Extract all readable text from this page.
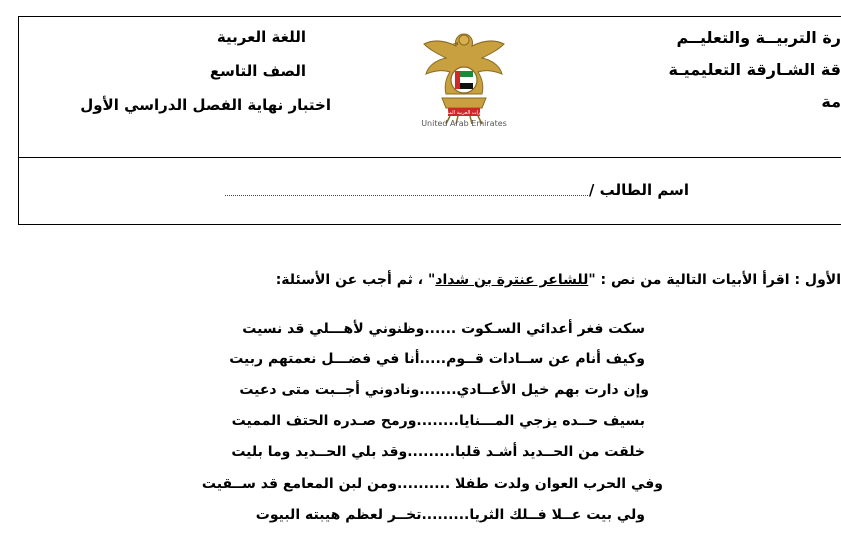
رة التربيــة والتعليــم
قة الشـارقة التعليميـة
مة
اللغة العربية
الصف التاسع
اختبار نهاية الفصل الدراسي الأول	الإمارات العربية المتحدة
United Arab Emirates
اسم الطالب /
الأول : اقرأ الأبيات التالية من نص : "للشاعر عنترة بن شداد" ، ثم أجب عن الأسئلة:
سكت فغر أعدائي السـكوت ......وظنوني لأهـــلي قد نسيت
وكيف أنام عن ســادات قــوم.....أنا في فضـــل نعمتهم ربيت
وإن دارت بهم خيل الأعــادي.......ونادوني أجــبت متى دعيت
بسيف حــده يزجي المـــنايا........ورمح صـدره الحتف المميت
خلقت من الحــديد أشـد قلبا.........وقد بلي الحــديد وما بليت
وفي الحرب العوان ولدت طفلا ..........ومن لبن المعامع قد ســقيت
ولي بيت عــلا فــلك الثريا.........تخــر لعظم هيبته البيوت
